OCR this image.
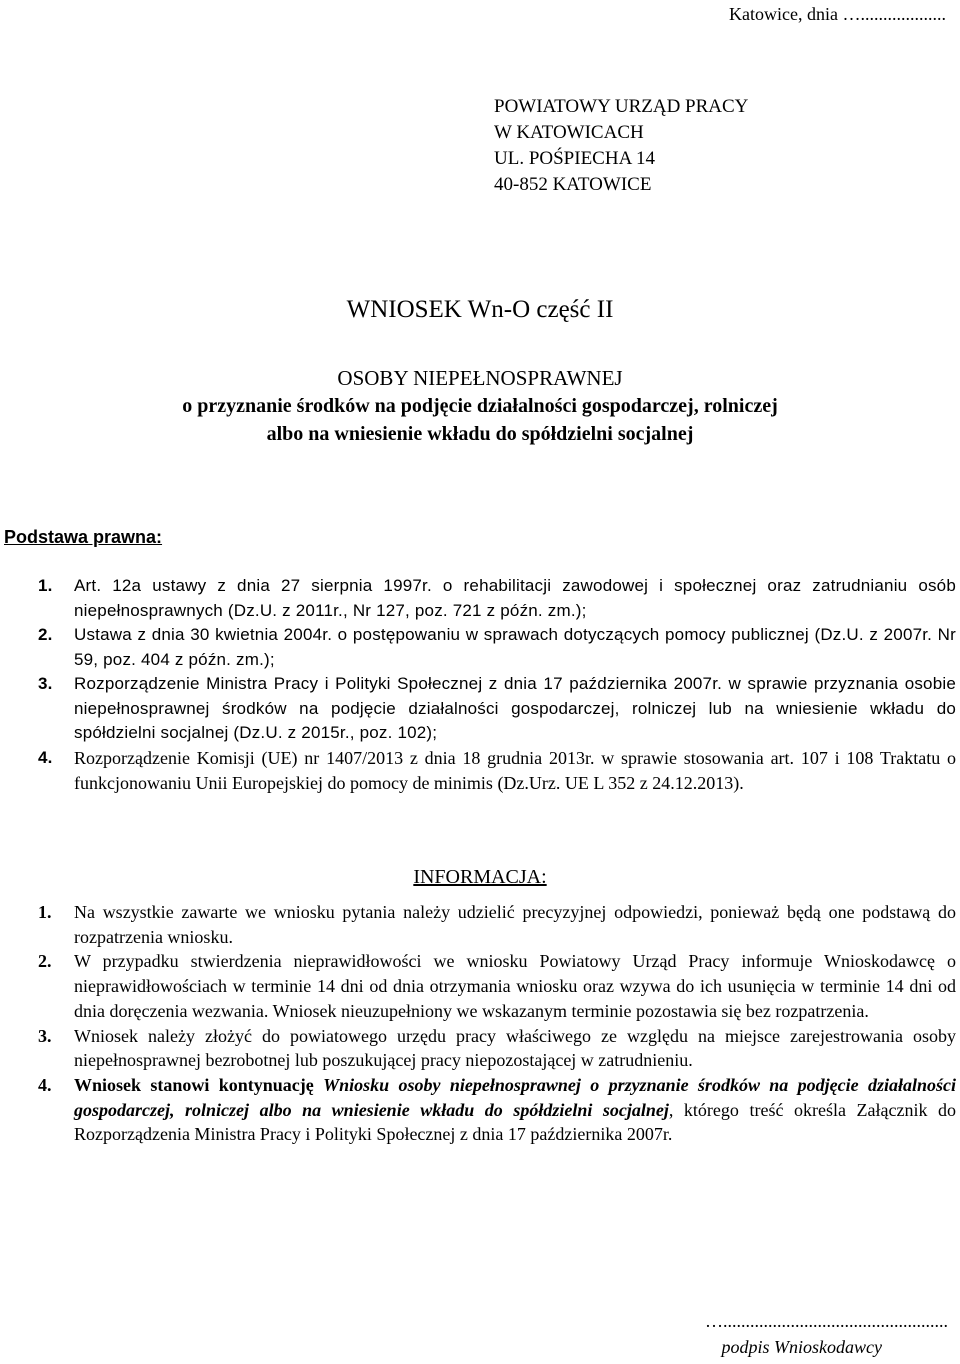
Katowice, dnia …...................
POWIATOWY URZĄD PRACY
W KATOWICACH
UL. POŚPIECHA 14
40-852 KATOWICE
WNIOSEK Wn-O część II
OSOBY NIEPEŁNOSPRAWNEJ
o przyznanie środków na podjęcie działalności gospodarczej, rolniczej
albo na wniesienie wkładu do spółdzielni socjalnej
Podstawa prawna:
1. Art. 12a ustawy z dnia 27 sierpnia 1997r. o rehabilitacji zawodowej i społecznej oraz zatrudnianiu osób niepełnosprawnych (Dz.U. z 2011r., Nr 127, poz. 721 z późn. zm.);
2. Ustawa z dnia 30 kwietnia 2004r. o postępowaniu w sprawach dotyczących pomocy publicznej (Dz.U. z 2007r. Nr 59, poz. 404 z późn. zm.);
3. Rozporządzenie Ministra Pracy i Polityki Społecznej z dnia 17 października 2007r. w sprawie przyznania osobie niepełnosprawnej środków na podjęcie działalności gospodarczej, rolniczej lub na wniesienie wkładu do spółdzielni socjalnej (Dz.U. z 2015r., poz. 102);
4. Rozporządzenie Komisji (UE) nr 1407/2013 z dnia 18 grudnia 2013r. w sprawie stosowania art. 107 i 108 Traktatu o funkcjonowaniu Unii Europejskiej do pomocy de minimis (Dz.Urz. UE L 352 z 24.12.2013).
INFORMACJA:
1. Na wszystkie zawarte we wniosku pytania należy udzielić precyzyjnej odpowiedzi, ponieważ będą one podstawą do rozpatrzenia wniosku.
2. W przypadku stwierdzenia nieprawidłowości we wniosku Powiatowy Urząd Pracy informuje Wnioskodawcę o nieprawidłowościach w terminie 14 dni od dnia otrzymania wniosku oraz wzywa do ich usunięcia w terminie 14 dni od dnia doręczenia wezwania. Wniosek nieuzupełniony we wskazanym terminie pozostawia się bez rozpatrzenia.
3. Wniosek należy złożyć do powiatowego urzędu pracy właściwego ze względu na miejsce zarejestrowania osoby niepełnosprawnej bezrobotnej lub poszukującej pracy niepozostającej w zatrudnieniu.
4. Wniosek stanowi kontynuację Wniosku osoby niepełnosprawnej o przyznanie środków na podjęcie działalności gospodarczej, rolniczej albo na wniesienie wkładu do spółdzielni socjalnej, którego treść określa Załącznik do Rozporządzenia Ministra Pracy i Polityki Społecznej z dnia 17 października 2007r.
…..................................................
podpis Wnioskodawcy
